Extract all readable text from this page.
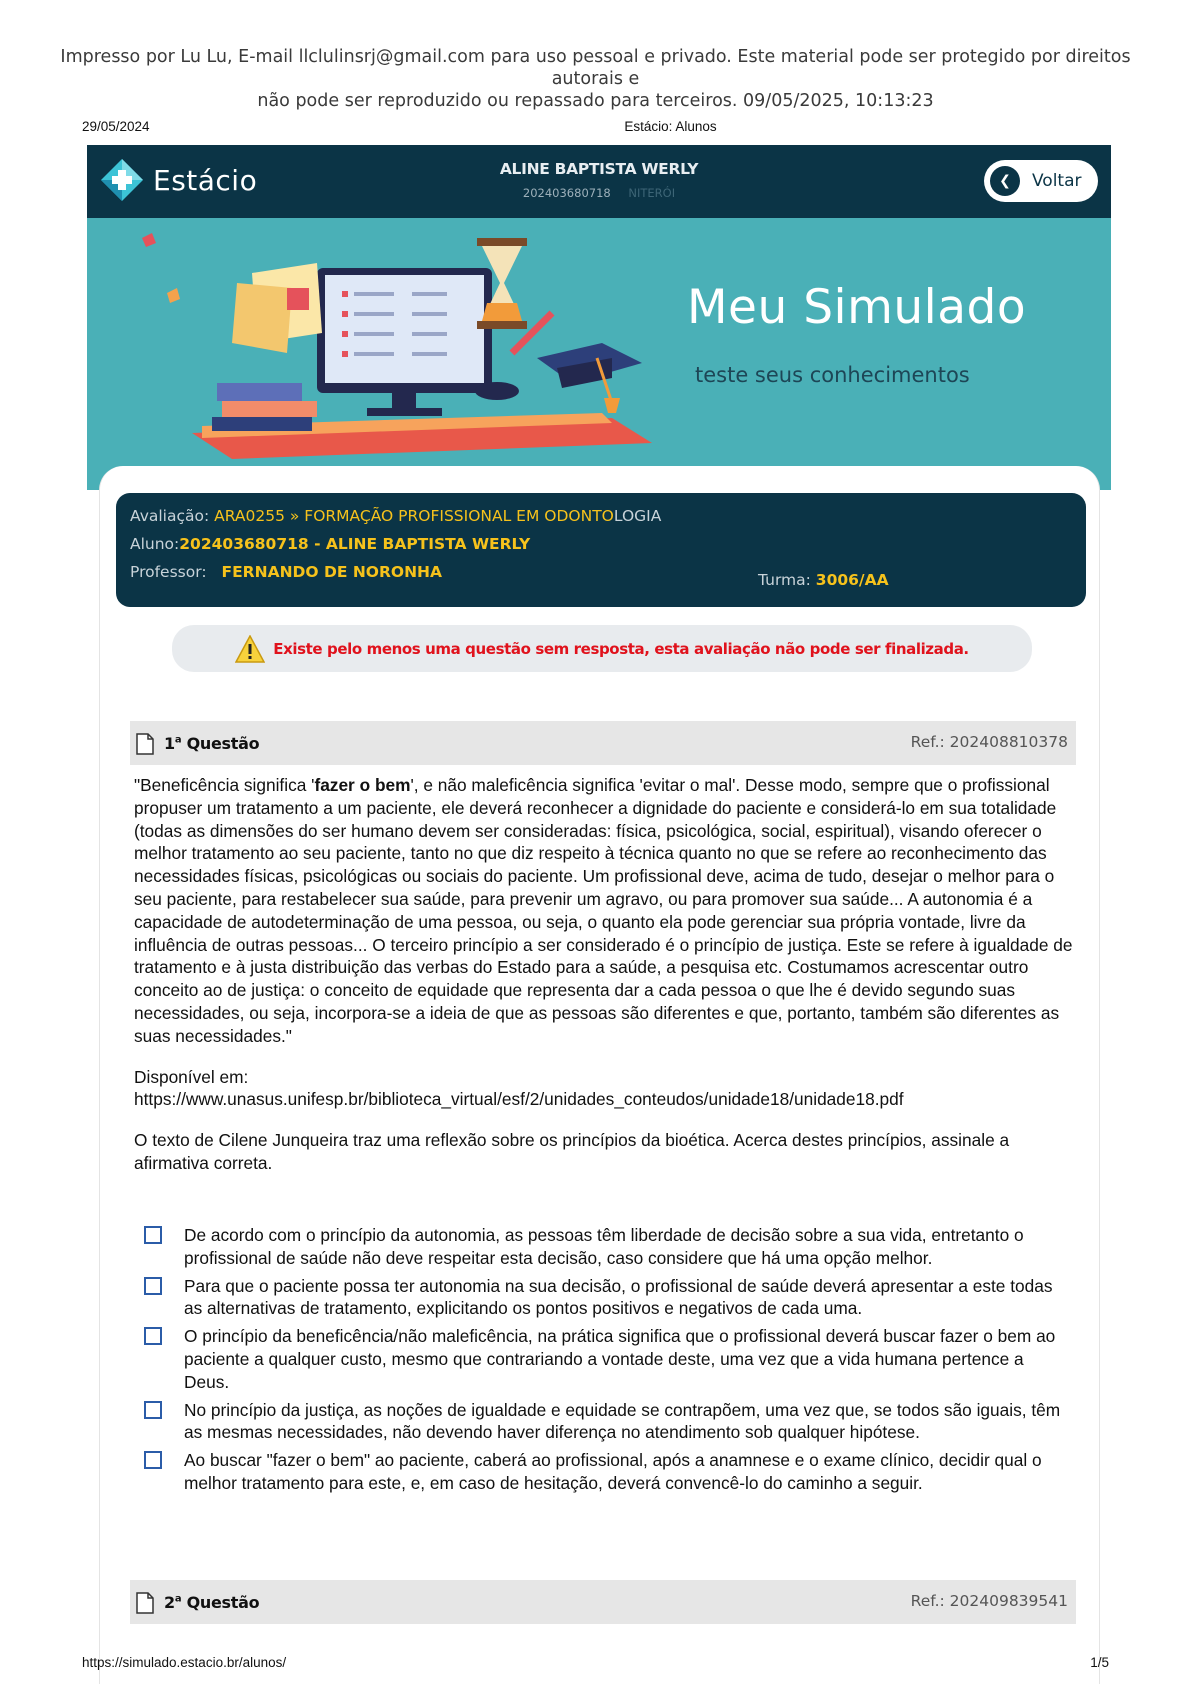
Impresso por Lu Lu, E-mail llclulinsrj@gmail.com para uso pessoal e privado. Este material pode ser protegido por direitos autorais e
não pode ser reproduzido ou repassado para terceiros. 09/05/2025, 10:13:23
29/05/2024	Estácio: Alunos
Estácio	ALINE BAPTISTA WERLY
202403680718 NITERÓI
❮	Voltar
Meu Simulado
teste seus conhecimentos
Avaliação: ARA0255 » FORMAÇÃO PROFISSIONAL EM ODONTOLOGIA
Aluno:202403680718 - ALINE BAPTISTA WERLY
Professor: FERNANDO DE NORONHA	Turma: 3006/AA
Existe pelo menos uma questão sem resposta, esta avaliação não pode ser finalizada.
1$^a$ Questão	Ref.: 202408810378

"Beneficência significa 'fazer o bem', e não maleficência significa 'evitar o mal'. Desse modo, sempre que o profissional propuser um tratamento a um paciente, ele deverá reconhecer a dignidade do paciente e considerá-lo em sua totalidade (todas as dimensões do ser humano devem ser consideradas: física, psicológica, social, espiritual), visando oferecer o melhor tratamento ao seu paciente, tanto no que diz respeito à técnica quanto no que se refere ao reconhecimento das necessidades físicas, psicológicas ou sociais do paciente. Um profissional deve, acima de tudo, desejar o melhor para o seu paciente, para restabelecer sua saúde, para prevenir um agravo, ou para promover sua saúde... A autonomia é a capacidade de autodeterminação de uma pessoa, ou seja, o quanto ela pode gerenciar sua própria vontade, livre da influência de outras pessoas... O terceiro princípio a ser considerado é o princípio de justiça. Este se refere à igualdade de tratamento e à justa distribuição das verbas do Estado para a saúde, a pesquisa etc. Costumamos acrescentar outro conceito ao de justiça: o conceito de equidade que representa dar a cada pessoa o que lhe é devido segundo suas necessidades, ou seja, incorpora-se a ideia de que as pessoas são diferentes e que, portanto, também são diferentes as suas necessidades."

Disponível em:
https://www.unasus.unifesp.br/biblioteca_virtual/esf/2/unidades_conteudos/unidade18/unidade18.pdf

O texto de Cilene Junqueira traz uma reflexão sobre os princípios da bioética. Acerca destes princípios, assinale a afirmativa correta.

De acordo com o princípio da autonomia, as pessoas têm liberdade de decisão sobre a sua vida, entretanto o profissional de saúde não deve respeitar esta decisão, caso considere que há uma opção melhor.
Para que o paciente possa ter autonomia na sua decisão, o profissional de saúde deverá apresentar a este todas as alternativas de tratamento, explicitando os pontos positivos e negativos de cada uma.
O princípio da beneficência/não maleficência, na prática significa que o profissional deverá buscar fazer o bem ao paciente a qualquer custo, mesmo que contrariando a vontade deste, uma vez que a vida humana pertence a Deus.
No princípio da justiça, as noções de igualdade e equidade se contrapõem, uma vez que, se todos são iguais, têm as mesmas necessidades, não devendo haver diferença no atendimento sob qualquer hipótese.
Ao buscar "fazer o bem" ao paciente, caberá ao profissional, após a anamnese e o exame clínico, decidir qual o melhor tratamento para este, e, em caso de hesitação, deverá convencê-lo do caminho a seguir.
2$^a$ Questão	Ref.: 202409839541
https://simulado.estacio.br/alunos/	1/5
